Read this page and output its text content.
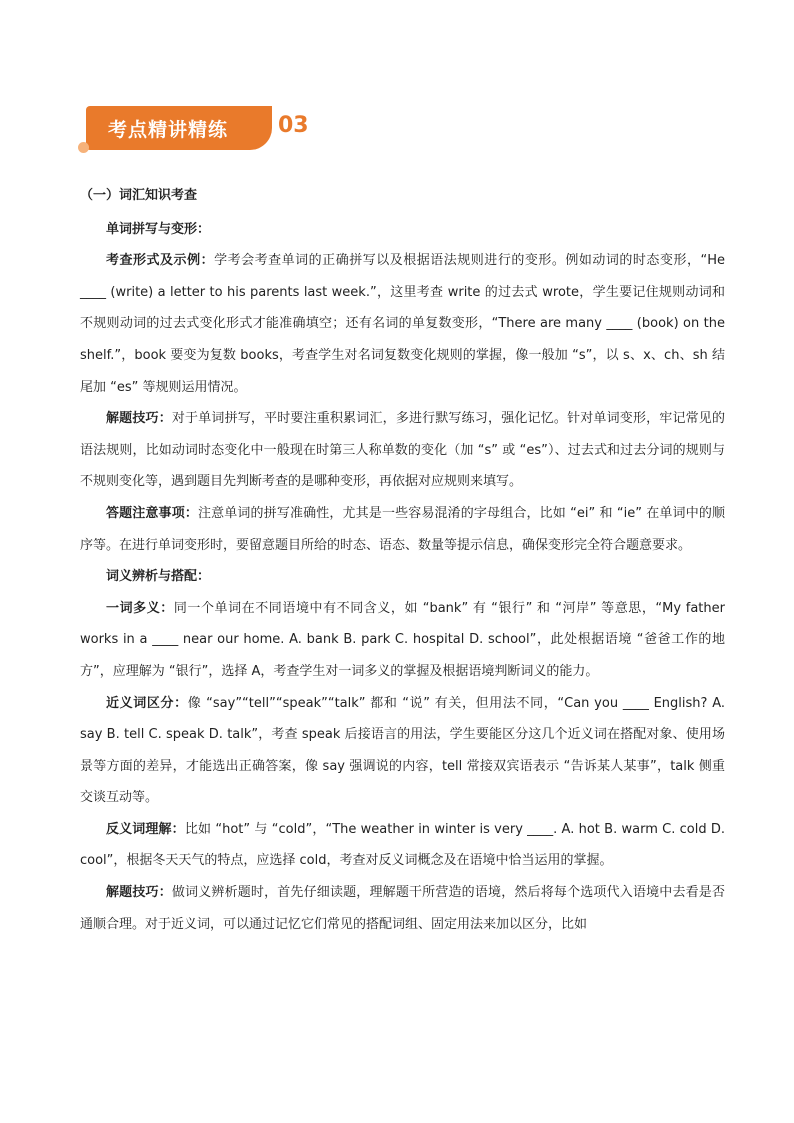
考点精讲精练 03

（一）词汇知识考查

单词拼写与变形：

考查形式及示例：学考会考查单词的正确拼写以及根据语法规则进行的变形。例如动词的时态变形，“He ____ (write) a letter to his parents last week.”，这里考查 write 的过去式 wrote，学生要记住规则动词和不规则动词的过去式变化形式才能准确填空；还有名词的单复数变形，“There are many ____ (book) on the shelf.”，book 要变为复数 books，考查学生对名词复数变化规则的掌握，像一般加 “s”，以 s、x、ch、sh 结尾加 “es” 等规则运用情况。

解题技巧：对于单词拼写，平时要注重积累词汇，多进行默写练习，强化记忆。针对单词变形，牢记常见的语法规则，比如动词时态变化中一般现在时第三人称单数的变化（加 “s” 或 “es”）、过去式和过去分词的规则与不规则变化等，遇到题目先判断考查的是哪种变形，再依据对应规则来填写。

答题注意事项：注意单词的拼写准确性，尤其是一些容易混淆的字母组合，比如 “ei” 和 “ie” 在单词中的顺序等。在进行单词变形时，要留意题目所给的时态、语态、数量等提示信息，确保变形完全符合题意要求。

词义辨析与搭配：

一词多义：同一个单词在不同语境中有不同含义，如 “bank” 有 “银行” 和 “河岸” 等意思，“My father works in a ____ near our home. A. bank B. park C. hospital D. school”，此处根据语境 “爸爸工作的地方”，应理解为 “银行”，选择 A，考查学生对一词多义的掌握及根据语境判断词义的能力。

近义词区分：像 “say”“tell”“speak”“talk” 都和 “说” 有关，但用法不同，“Can you ____ English? A. say B. tell C. speak D. talk”，考查 speak 后接语言的用法，学生要能区分这几个近义词在搭配对象、使用场景等方面的差异，才能选出正确答案，像 say 强调说的内容，tell 常接双宾语表示 “告诉某人某事”，talk 侧重交谈互动等。

反义词理解：比如 “hot” 与 “cold”，“The weather in winter is very ____. A. hot B. warm C. cold D. cool”，根据冬天天气的特点，应选择 cold，考查对反义词概念及在语境中恰当运用的掌握。

解题技巧：做词义辨析题时，首先仔细读题，理解题干所营造的语境，然后将每个选项代入语境中去看是否通顺合理。对于近义词，可以通过记忆它们常见的搭配词组、固定用法来加以区分，比如
